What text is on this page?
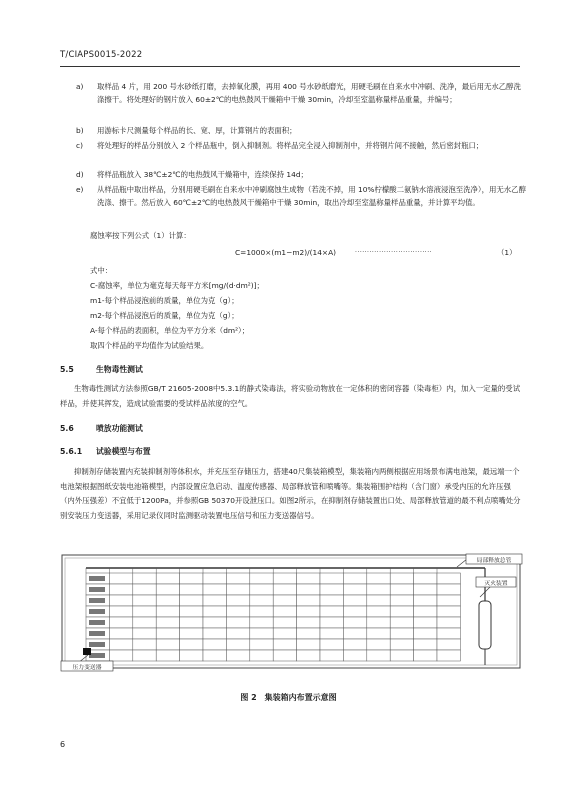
T/CIAPS0015-2022
a)	取样品 4 片，用 200 号水砂纸打磨，去掉氧化膜，再用 400 号水砂纸磨光，用硬毛刷在自来水中冲刷、洗净，最后用无水乙醇洗涤擦干。将处理好的钢片放入 60±2℃的电热鼓风干燥箱中干燥 30min，冷却至室温称量样品重量，并编号；
b)	用游标卡尺测量每个样品的长、宽、厚，计算钢片的表面积；
c)	将处理好的样品分别放入 2 个样品瓶中，倒入抑制剂。将样品完全浸入抑制剂中，并将钢片间不接触，然后密封瓶口；
d)	将样品瓶放入 38℃±2℃的电热鼓风干燥箱中，连续保持 14d；
e)	从样品瓶中取出样品，分别用硬毛刷在自来水中冲刷腐蚀生成物（若洗不掉，用 10%柠檬酸二氨钠水溶液浸泡至洗净），用无水乙醇洗涤、擦干。然后放入 60℃±2℃的电热鼓风干燥箱中干燥 30min，取出冷却至室温称量样品重量，并计算平均值。
腐蚀率按下列公式（1）计算：
C=1000×(m1−m2)/(14×A)	································	（1）
式中：
C-腐蚀率，单位为毫克每天每平方米[mg/(d·dm²)]；
m1-每个样品浸泡前的质量，单位为克（g）；
m2-每个样品浸泡后的质量，单位为克（g）；
A-每个样品的表面积，单位为平方分米（dm²）；
取四个样品的平均值作为试验结果。
5.5	生物毒性测试
生物毒性测试方法参照GB/T 21605-2008中5.3.1的静式染毒法，将实验动物放在一定体积的密闭容器（染毒柜）内，加入一定量的受试样品，并使其挥发，造成试验需要的受试样品浓度的空气。
5.6	喷放功能测试
5.6.1 试验模型与布置
抑制剂存储装置内充装抑制剂等体积水，并充压至存储压力，搭建40尺集装箱模型，集装箱内两侧根据应用场景布满电池架，最远端一个电池架根据图纸安装电池箱模型，内部设置应急启动、温度传感器、局部释放管和喷嘴等。集装箱围护结构（含门窗）承受内压的允许压强（内外压强差）不宜低于1200Pa，并参照GB 50370开设泄压口。如图2所示，在抑制剂存储装置出口处、局部释放管道的最不利点喷嘴处分别安装压力变送器，采用记录仪同时监测驱动装置电压信号和压力变送器信号。
局部释放总管
灭火装置
压力变送器
图 2　集装箱内布置示意图
6
